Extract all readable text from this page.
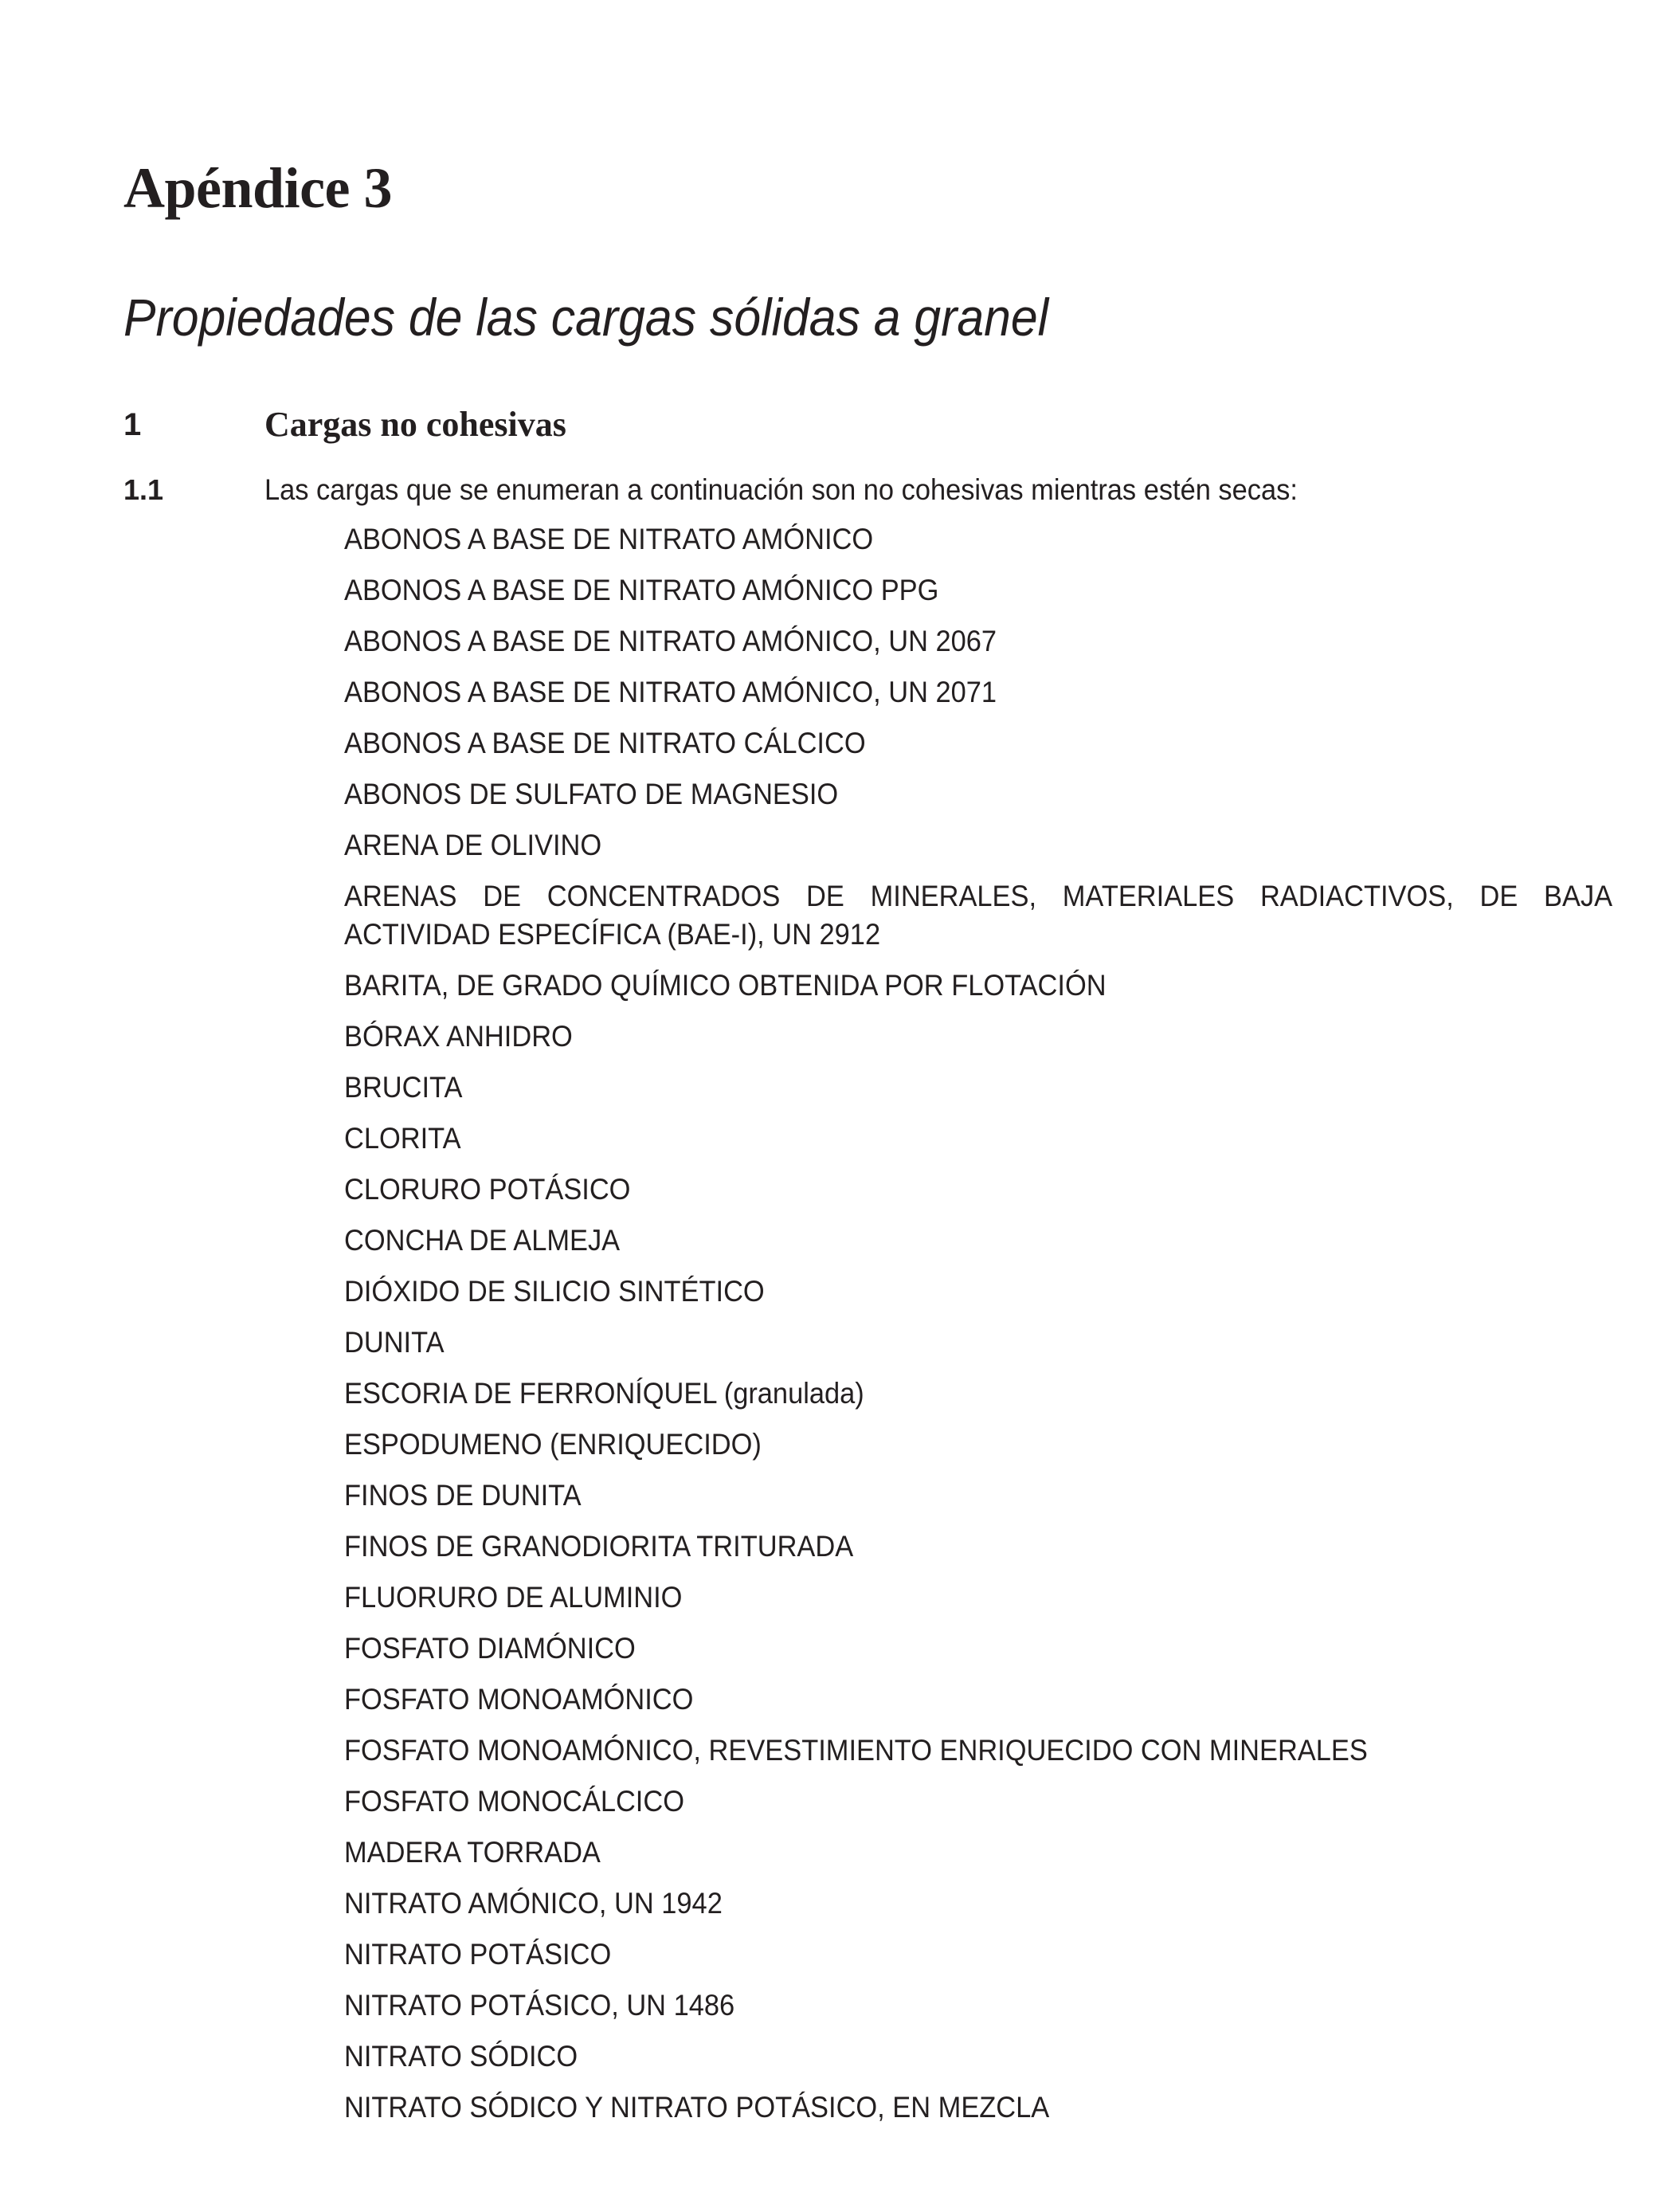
Apéndice 3
Propiedades de las cargas sólidas a granel
1	Cargas no cohesivas
1.1	Las cargas que se enumeran a continuación son no cohesivas mientras estén secas:
ABONOS A BASE DE NITRATO AMÓNICO
ABONOS A BASE DE NITRATO AMÓNICO PPG
ABONOS A BASE DE NITRATO AMÓNICO, UN 2067
ABONOS A BASE DE NITRATO AMÓNICO, UN 2071
ABONOS A BASE DE NITRATO CÁLCICO
ABONOS DE SULFATO DE MAGNESIO
ARENA DE OLIVINO
ARENAS DE CONCENTRADOS DE MINERALES, MATERIALES RADIACTIVOS, DE BAJA
ACTIVIDAD ESPECÍFICA (BAE-I), UN 2912
BARITA, DE GRADO QUÍMICO OBTENIDA POR FLOTACIÓN
BÓRAX ANHIDRO
BRUCITA
CLORITA
CLORURO POTÁSICO
CONCHA DE ALMEJA
DIÓXIDO DE SILICIO SINTÉTICO
DUNITA
ESCORIA DE FERRONÍQUEL (granulada)
ESPODUMENO (ENRIQUECIDO)
FINOS DE DUNITA
FINOS DE GRANODIORITA TRITURADA
FLUORURO DE ALUMINIO
FOSFATO DIAMÓNICO
FOSFATO MONOAMÓNICO
FOSFATO MONOAMÓNICO, REVESTIMIENTO ENRIQUECIDO CON MINERALES
FOSFATO MONOCÁLCICO
MADERA TORRADA
NITRATO AMÓNICO, UN 1942
NITRATO POTÁSICO
NITRATO POTÁSICO, UN 1486
NITRATO SÓDICO
NITRATO SÓDICO Y NITRATO POTÁSICO, EN MEZCLA
